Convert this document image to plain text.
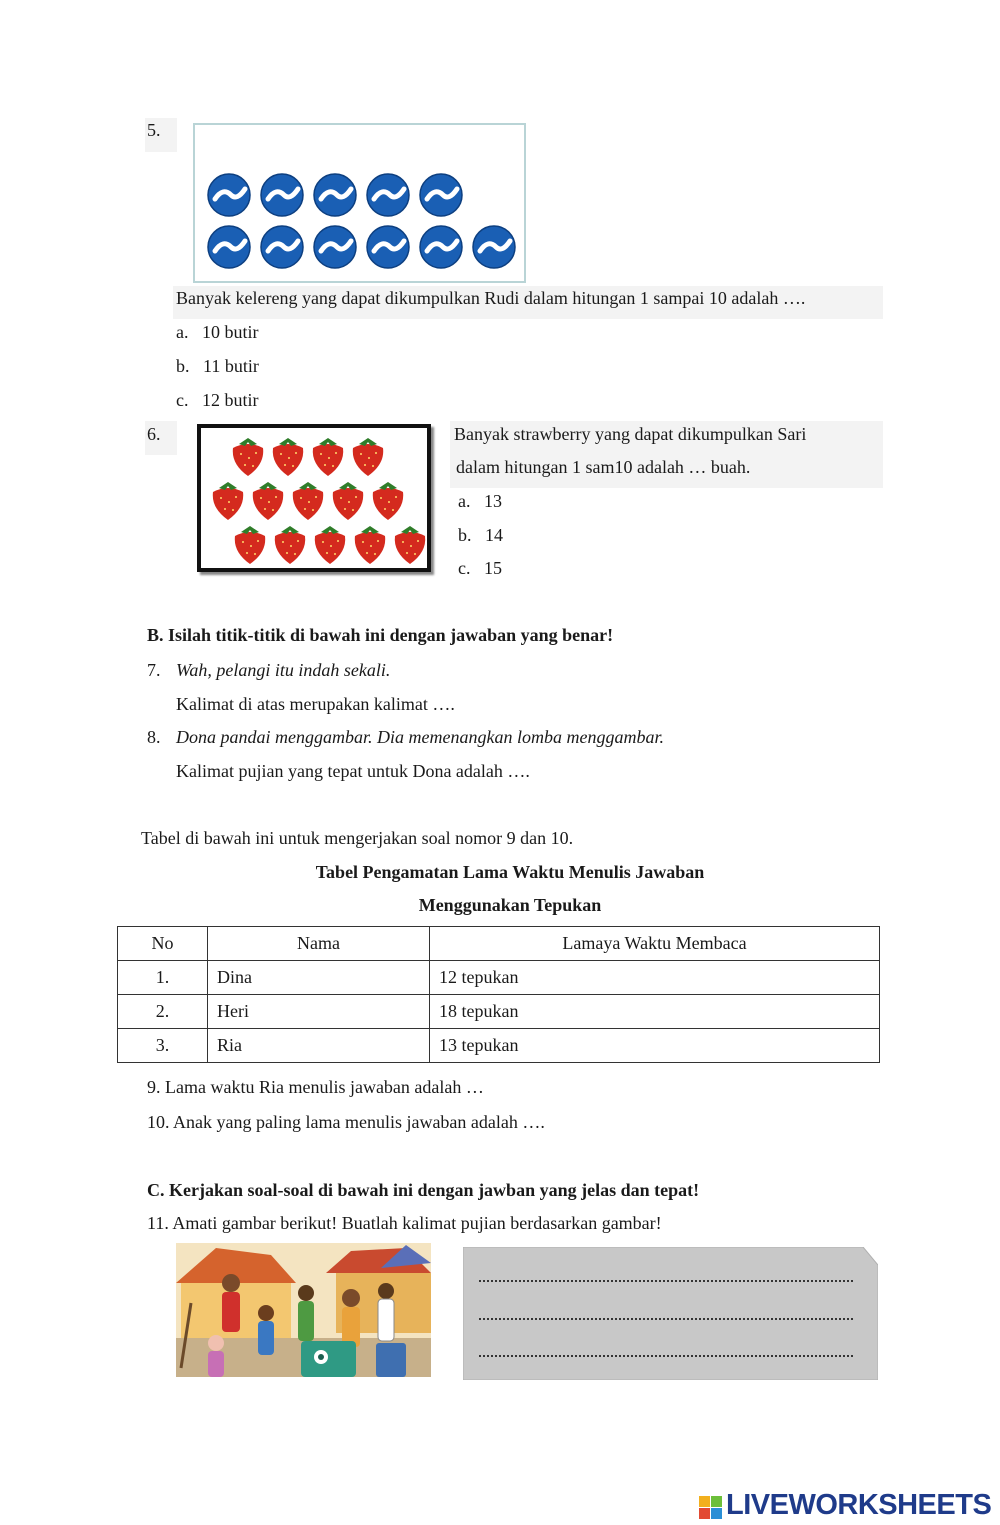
5.
Banyak kelereng yang dapat dikumpulkan Rudi dalam hitungan 1 sampai 10 adalah ….
a. 10 butir
b. 11 butir
c. 12 butir
6.	Banyak strawberry yang dapat dikumpulkan Sari
dalam hitungan 1 sam10 adalah … buah.
a. 13
b. 14
c. 15
B. Isilah titik-titik di bawah ini dengan jawaban yang benar!
7. Wah, pelangi itu indah sekali.
Kalimat di atas merupakan kalimat ….
8. Dona pandai menggambar. Dia memenangkan lomba menggambar.
Kalimat pujian yang tepat untuk Dona adalah ….
Tabel di bawah ini untuk mengerjakan soal nomor 9 dan 10.
Tabel Pengamatan Lama Waktu Menulis Jawaban
Menggunakan Tepukan
No	Nama	Lamaya Waktu Membaca
1.	Dina	12 tepukan
2.	Heri	18 tepukan
3.	Ria	13 tepukan
9. Lama waktu Ria menulis jawaban adalah …
10. Anak yang paling lama menulis jawaban adalah ….
C. Kerjakan soal-soal di bawah ini dengan jawban yang jelas dan tepat!
11. Amati gambar berikut! Buatlah kalimat pujian berdasarkan gambar!
LIVEWORKSHEETS
